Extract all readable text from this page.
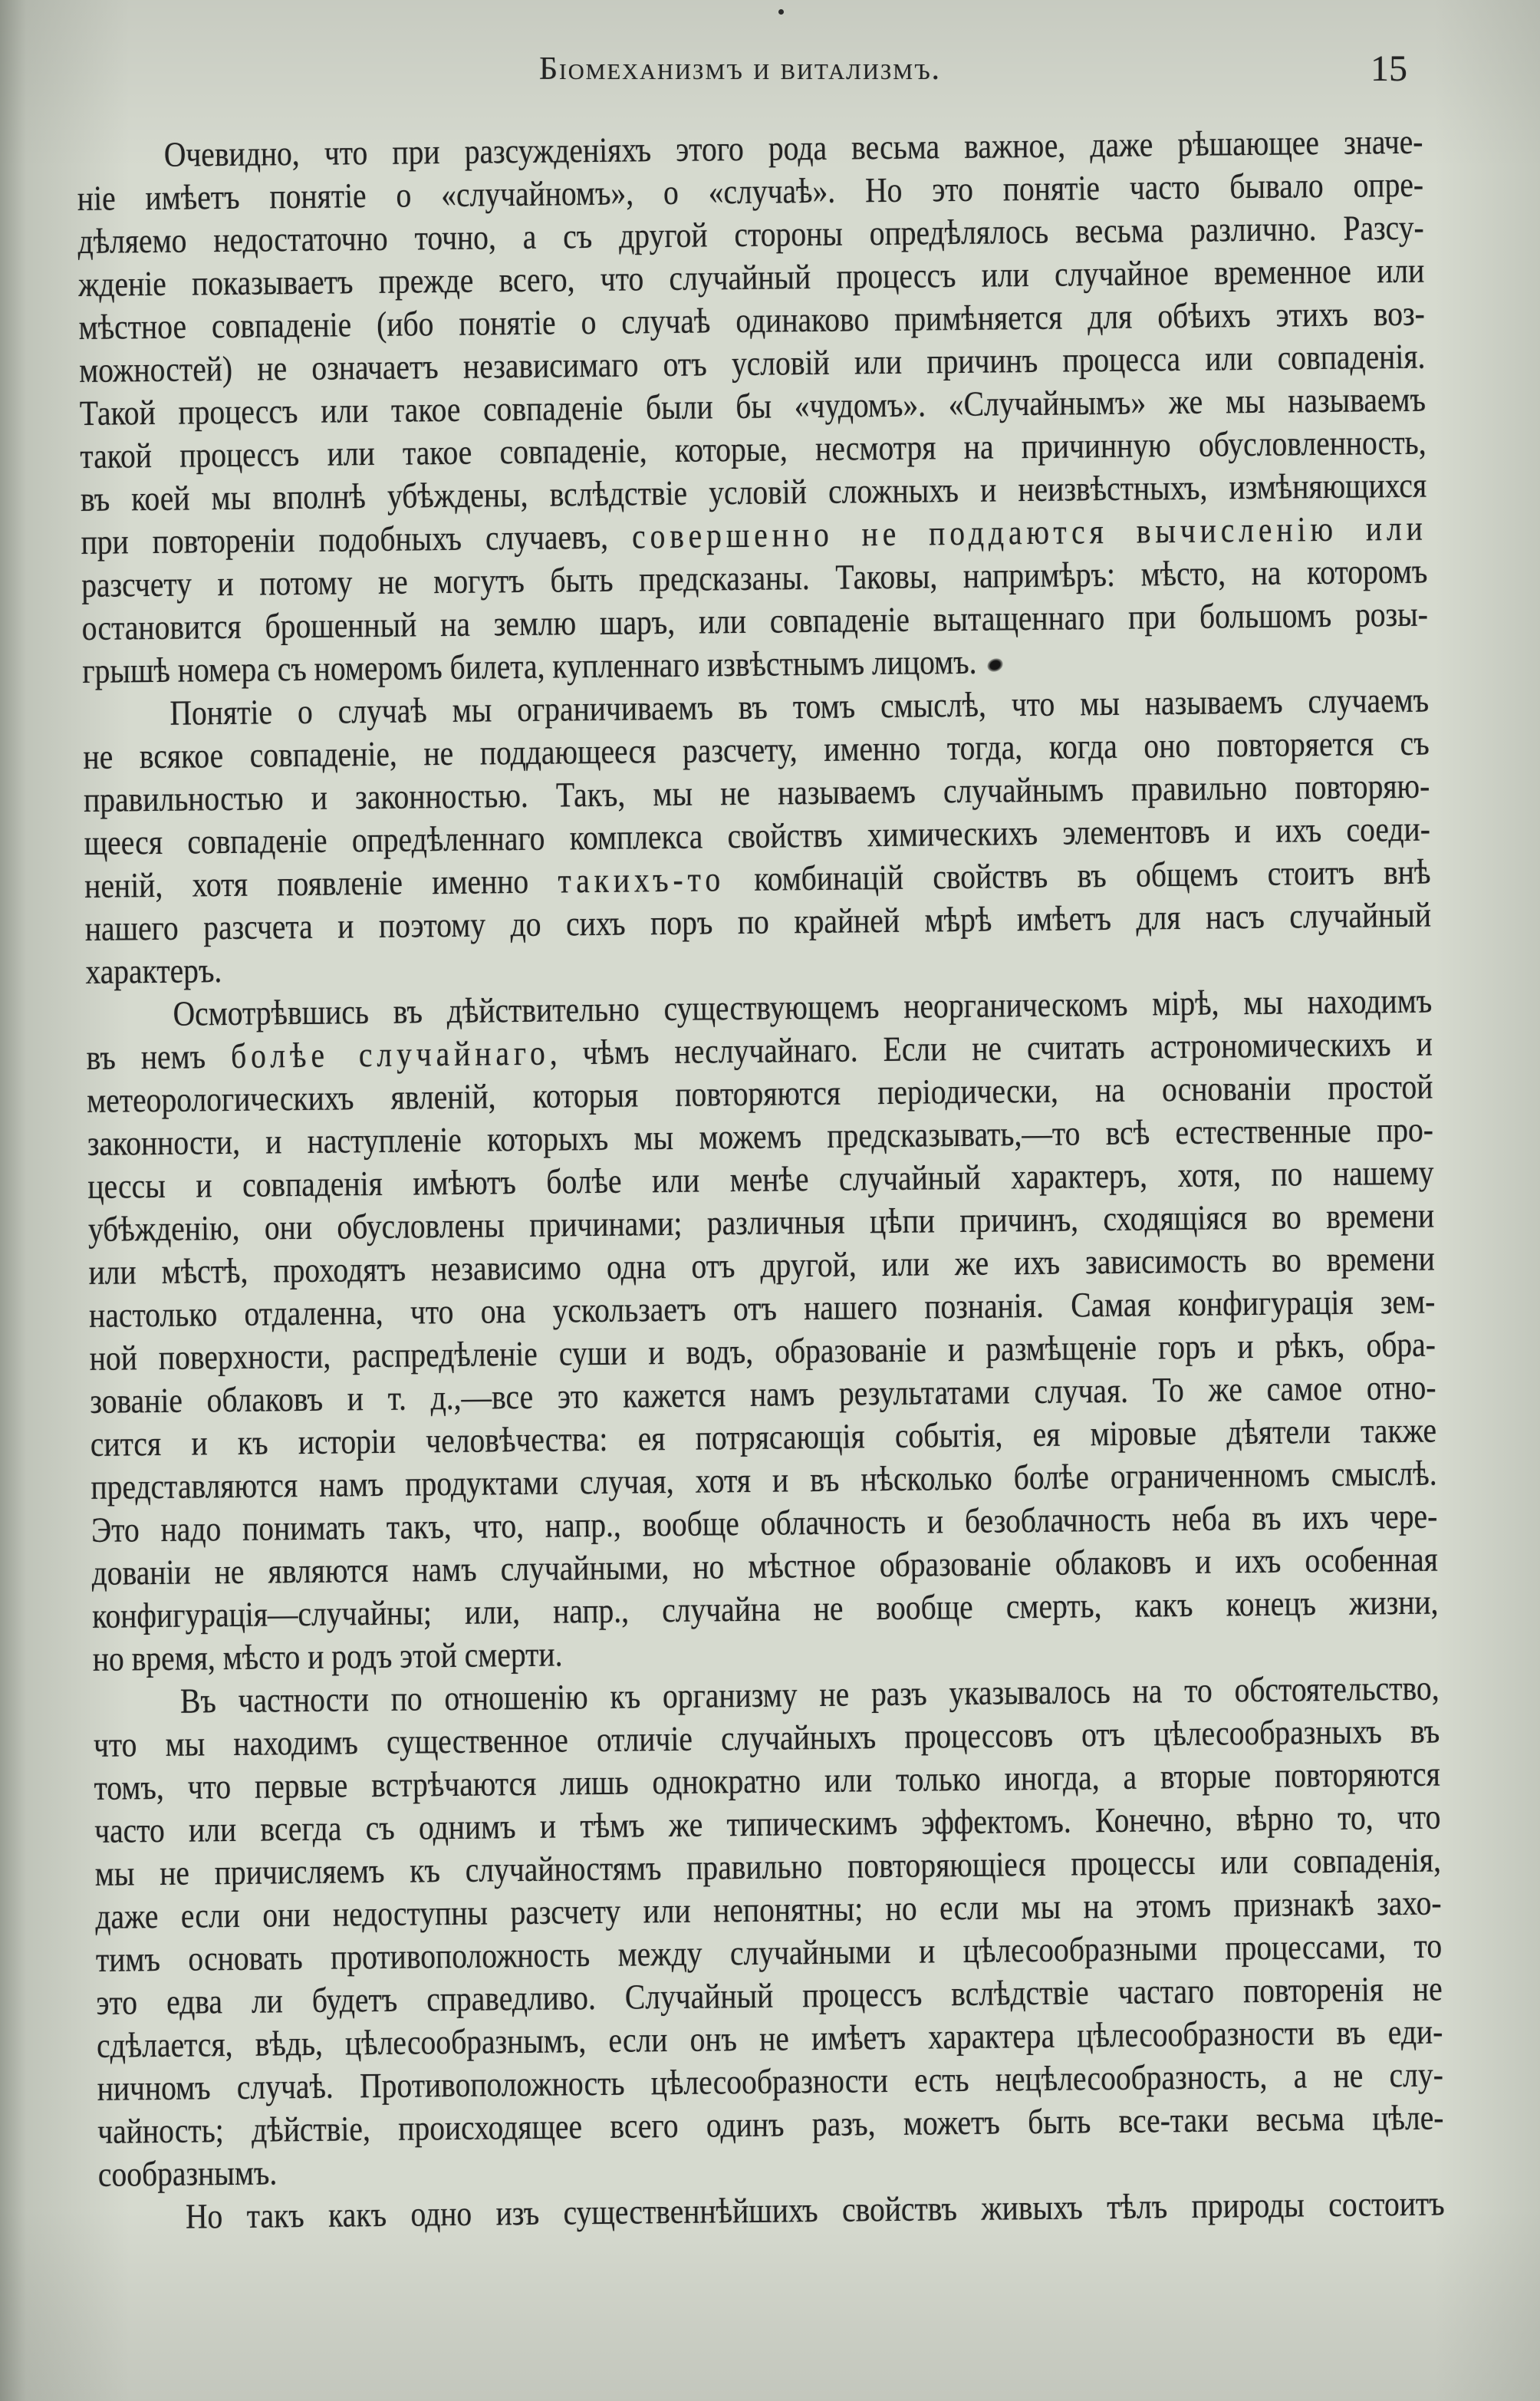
Біомеханизмъ и витализмъ.	15
Очевидно, что при разсужденіяхъ этого рода весьма важное, даже рѣшающее значе-
ніе имѣетъ понятіе о «случайномъ», о «случаѣ». Но это понятіе часто бывало опре-
дѣляемо недостаточно точно, а съ другой стороны опредѣлялось весьма различно. Разсу-
жденіе показываетъ прежде всего, что случайный процессъ или случайное временное или
мѣстное совпаденіе (ибо понятіе о случаѣ одинаково примѣняется для обѣихъ этихъ воз-
можностей) не означаетъ независимаго отъ условій или причинъ процесса или совпаденія.
Такой процессъ или такое совпаденіе были бы «чудомъ». «Случайнымъ» же мы называемъ
такой процессъ или такое совпаденіе, которые, несмотря на причинную обусловленность,
въ коей мы вполнѣ убѣждены, вслѣдствіе условій сложныхъ и неизвѣстныхъ, измѣняющихся
при повтореніи подобныхъ случаевъ, совершенно не поддаются вычисленію или
разсчету и потому не могутъ быть предсказаны. Таковы, напримѣръ: мѣсто, на которомъ
остановится брошенный на землю шаръ, или совпаденіе вытащеннаго при большомъ розы-
грышѣ номера съ номеромъ билета, купленнаго извѣстнымъ лицомъ.
Понятіе о случаѣ мы ограничиваемъ въ томъ смыслѣ, что мы называемъ случаемъ
не всякое совпаденіе, не поддающееся разсчету, именно тогда, когда оно повторяется съ
правильностью и законностью. Такъ, мы не называемъ случайнымъ правильно повторяю-
щееся совпаденіе опредѣленнаго комплекса свойствъ химическихъ элементовъ и ихъ соеди-
неній, хотя появленіе именно такихъ-то комбинацій свойствъ въ общемъ стоитъ внѣ
нашего разсчета и поэтому до сихъ поръ по крайней мѣрѣ имѣетъ для насъ случайный
характеръ.
Осмотрѣвшись въ дѣйствительно существующемъ неорганическомъ мірѣ, мы находимъ
въ немъ болѣе случайнаго, чѣмъ неслучайнаго. Если не считать астрономическихъ и
метеорологическихъ явленій, которыя повторяются періодически, на основаніи простой
законности, и наступленіе которыхъ мы можемъ предсказывать,—то всѣ естественные про-
цессы и совпаденія имѣютъ болѣе или менѣе случайный характеръ, хотя, по нашему
убѣжденію, они обусловлены причинами; различныя цѣпи причинъ, сходящіяся во времени
или мѣстѣ, проходятъ независимо одна отъ другой, или же ихъ зависимость во времени
настолько отдаленна, что она ускользаетъ отъ нашего познанія. Самая конфигурація зем-
ной поверхности, распредѣленіе суши и водъ, образованіе и размѣщеніе горъ и рѣкъ, обра-
зованіе облаковъ и т. д.,—все это кажется намъ результатами случая. То же самое отно-
сится и къ исторіи человѣчества: ея потрясающія событія, ея міровые дѣятели также
представляются намъ продуктами случая, хотя и въ нѣсколько болѣе ограниченномъ смыслѣ.
Это надо понимать такъ, что, напр., вообще облачность и безоблачность неба въ ихъ чере-
дованіи не являются намъ случайными, но мѣстное образованіе облаковъ и ихъ особенная
конфигурація—случайны; или, напр., случайна не вообще смерть, какъ конецъ жизни,
но время, мѣсто и родъ этой смерти.
Въ частности по отношенію къ организму не разъ указывалось на то обстоятельство,
что мы находимъ существенное отличіе случайныхъ процессовъ отъ цѣлесообразныхъ въ
томъ, что первые встрѣчаются лишь однократно или только иногда, а вторые повторяются
часто или всегда съ однимъ и тѣмъ же типическимъ эффектомъ. Конечно, вѣрно то, что
мы не причисляемъ къ случайностямъ правильно повторяющіеся процессы или совпаденія,
даже если они недоступны разсчету или непонятны; но если мы на этомъ признакѣ захо-
тимъ основать противоположность между случайными и цѣлесообразными процессами, то
это едва ли будетъ справедливо. Случайный процессъ вслѣдствіе частаго повторенія не
сдѣлается, вѣдь, цѣлесообразнымъ, если онъ не имѣетъ характера цѣлесообразности въ еди-
ничномъ случаѣ. Противоположность цѣлесообразности есть нецѣлесообразность, а не слу-
чайность; дѣйствіе, происходящее всего одинъ разъ, можетъ быть все-таки весьма цѣле-
сообразнымъ.
Но такъ какъ одно изъ существеннѣйшихъ свойствъ живыхъ тѣлъ природы состоитъ
